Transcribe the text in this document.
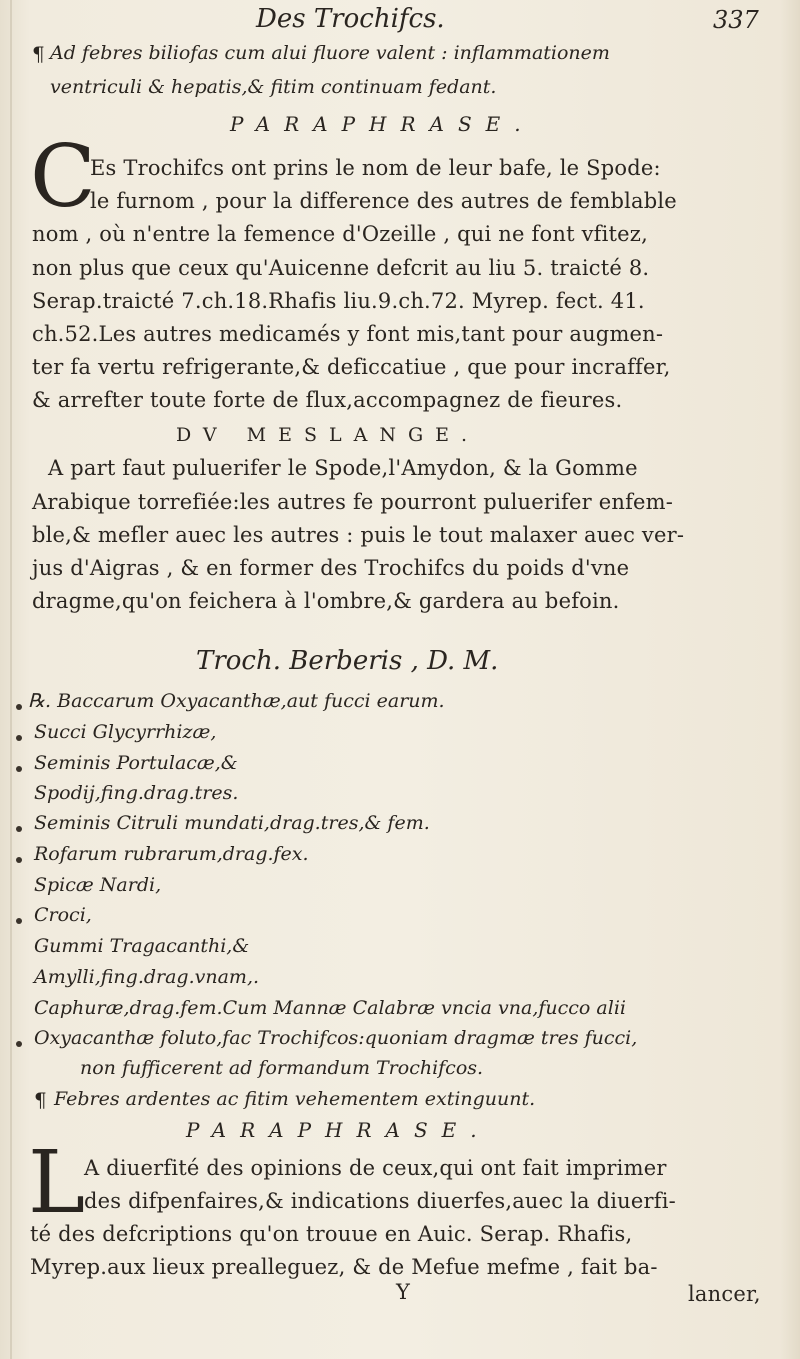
Des Trochifcs.	337
¶ Ad febres biliofas cum alui fluore valent : inflammationem
ventriculi & hepatis,& fitim continuam fedant.
PARAPHRASE.
C
Es Trochifcs ont prins le nom de leur bafe, le Spode:
le furnom , pour la difference des autres de femblable
nom , où n'entre la femence d'Ozeille , qui ne font vfitez,
non plus que ceux qu'Auicenne defcrit au liu 5. traicté 8.
Serap.traicté 7.ch.18.Rhafis liu.9.ch.72. Myrep. fect. 41.
ch.52.Les autres medicamés y font mis,tant pour augmen-
ter fa vertu refrigerante,& deficcatiue , que pour incraffer,
& arrefter toute forte de flux,accompagnez de fieures.
DV MESLANGE.
A part faut puluerifer le Spode,l'Amydon, & la Gomme
Arabique torrefiée:les autres fe pourront puluerifer enfem-
ble,& mefler auec les autres : puis le tout malaxer auec ver-
jus d'Aigras , & en former des Trochifcs du poids d'vne
dragme,qu'on feichera à l'ombre,& gardera au befoin.
Troch. Berberis , D. M.
℞. Baccarum Oxyacanthæ,aut fucci earum.
Succi Glycyrrhizæ,
Seminis Portulacæ,&
Spodij,fing.drag.tres.
Seminis Citruli mundati,drag.tres,& fem.
Rofarum rubrarum,drag.fex.
Spicæ Nardi,
Croci,
Gummi Tragacanthi,&
Amylli,fing.drag.vnam,.
Caphuræ,drag.fem.Cum Mannæ Calabræ vncia vna,fucco alii
Oxyacanthæ foluto,fac Trochifcos:quoniam dragmæ tres fucci,
non fufficerent ad formandum Trochifcos.
¶ Febres ardentes ac fitim vehementem extinguunt.
PARAPHRASE.
L
A diuerfité des opinions de ceux,qui ont fait imprimer
des difpenfaires,& indications diuerfes,auec la diuerfi-
té des defcriptions qu'on trouue en Auic. Serap. Rhafis,
Myrep.aux lieux prealleguez, & de Mefue mefme , fait ba-
Y	lancer,
